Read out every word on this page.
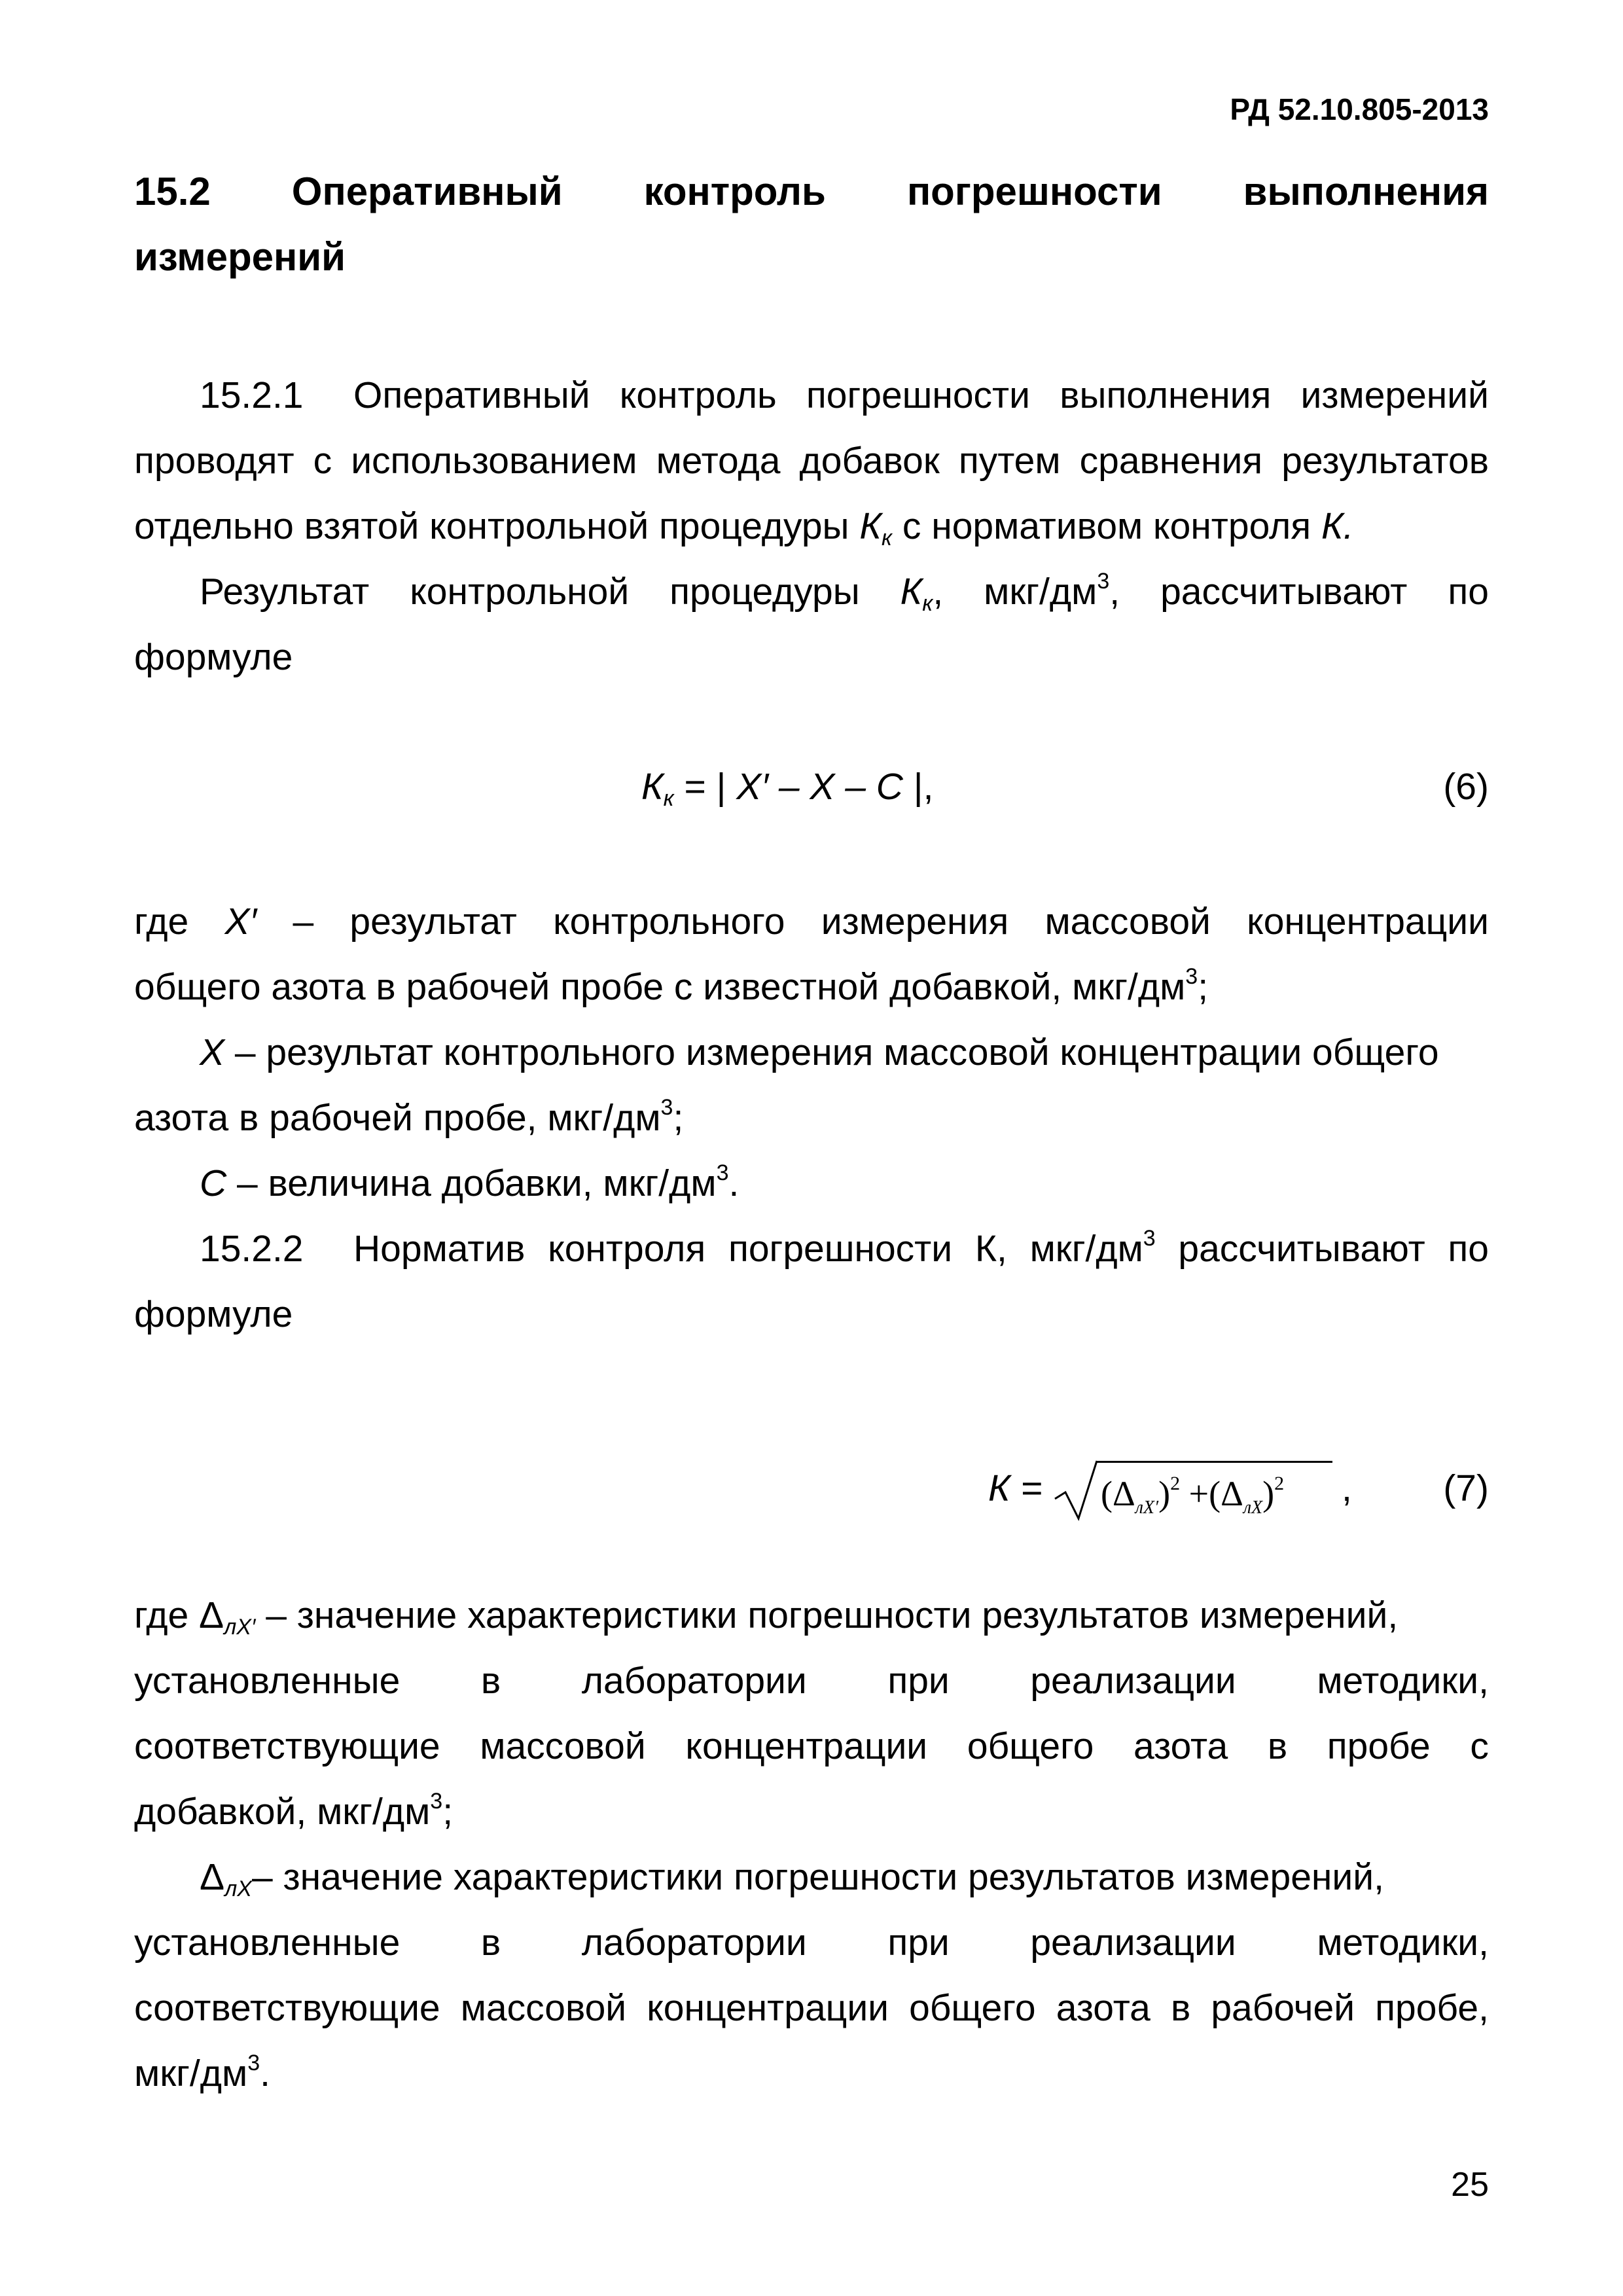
РД 52.10.805-2013
15.2 Оперативный контроль погрешности выполнения
измерений
15.2.1 Оперативный контроль погрешности выполнения измерений
проводят с использованием метода добавок путем сравнения результатов
отдельно взятой контрольной процедуры $К_к$ с нормативом контроля К.
Результат контрольной процедуры $К_к$, мкг/$дм^3$, рассчитывают по
формуле
$К_к$ = | X′ – X – C |,	(6)
где X′ – результат контрольного измерения массовой концентрации
общего азота в рабочей пробе с известной добавкой, мкг/$дм^3$;
X – результат контрольного измерения массовой концентрации общего
азота в рабочей пробе, мкг/$дм^3$;
С – величина добавки, мкг/$дм^3$.
15.2.2 Норматив контроля погрешности К, мкг/$дм^3$ рассчитывают по
формуле
$К = (\Delta_{лX'})^2 +(\Delta_{лX})^2$ , (7)
где $\Delta_{лX'}$ – значение характеристики погрешности результатов измерений,
установленные в лаборатории при реализации методики,
соответствующие массовой концентрации общего азота в пробе с
добавкой, мкг/$дм^3$;
$\Delta_{лX}-$ значение характеристики погрешности результатов измерений,
установленные в лаборатории при реализации методики,
соответствующие массовой концентрации общего азота в рабочей пробе,
мкг/$дм^3$.
25
